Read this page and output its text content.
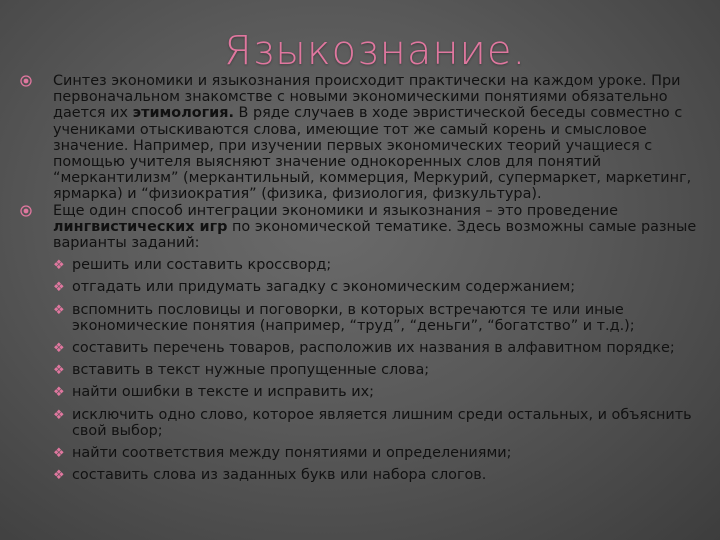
Языкознание.
Синтез экономики и языкознания происходит практически на каждом уроке. При первоначальном знакомстве с новыми экономическими понятиями обязательно дается их этимология. В ряде случаев в ходе эвристической беседы совместно с учениками отыскиваются слова, имеющие тот же самый корень и смысловое значение. Например, при изучении первых экономических теорий учащиеся с помощью учителя выясняют значение однокоренных слов для понятий “меркантилизм” (меркантильный, коммерция, Меркурий, супермаркет, маркетинг, ярмарка) и “физиократия” (физика, физиология, физкультура).
Еще один способ интеграции экономики и языкознания – это проведение лингвистических игр по экономической тематике. Здесь возможны самые разные варианты заданий:
❖ решить или составить кроссворд;
❖ отгадать или придумать загадку с экономическим содержанием;
❖ вспомнить пословицы и поговорки, в которых встречаются те или иные экономические понятия (например, “труд”, “деньги”, “богатство” и т.д.);
❖ составить перечень товаров, расположив их названия в алфавитном порядке;
❖ вставить в текст нужные пропущенные слова;
❖ найти ошибки в тексте и исправить их;
❖ исключить одно слово, которое является лишним среди остальных, и объяснить свой выбор;
❖ найти соответствия между понятиями и определениями;
❖ составить слова из заданных букв или набора слогов.
